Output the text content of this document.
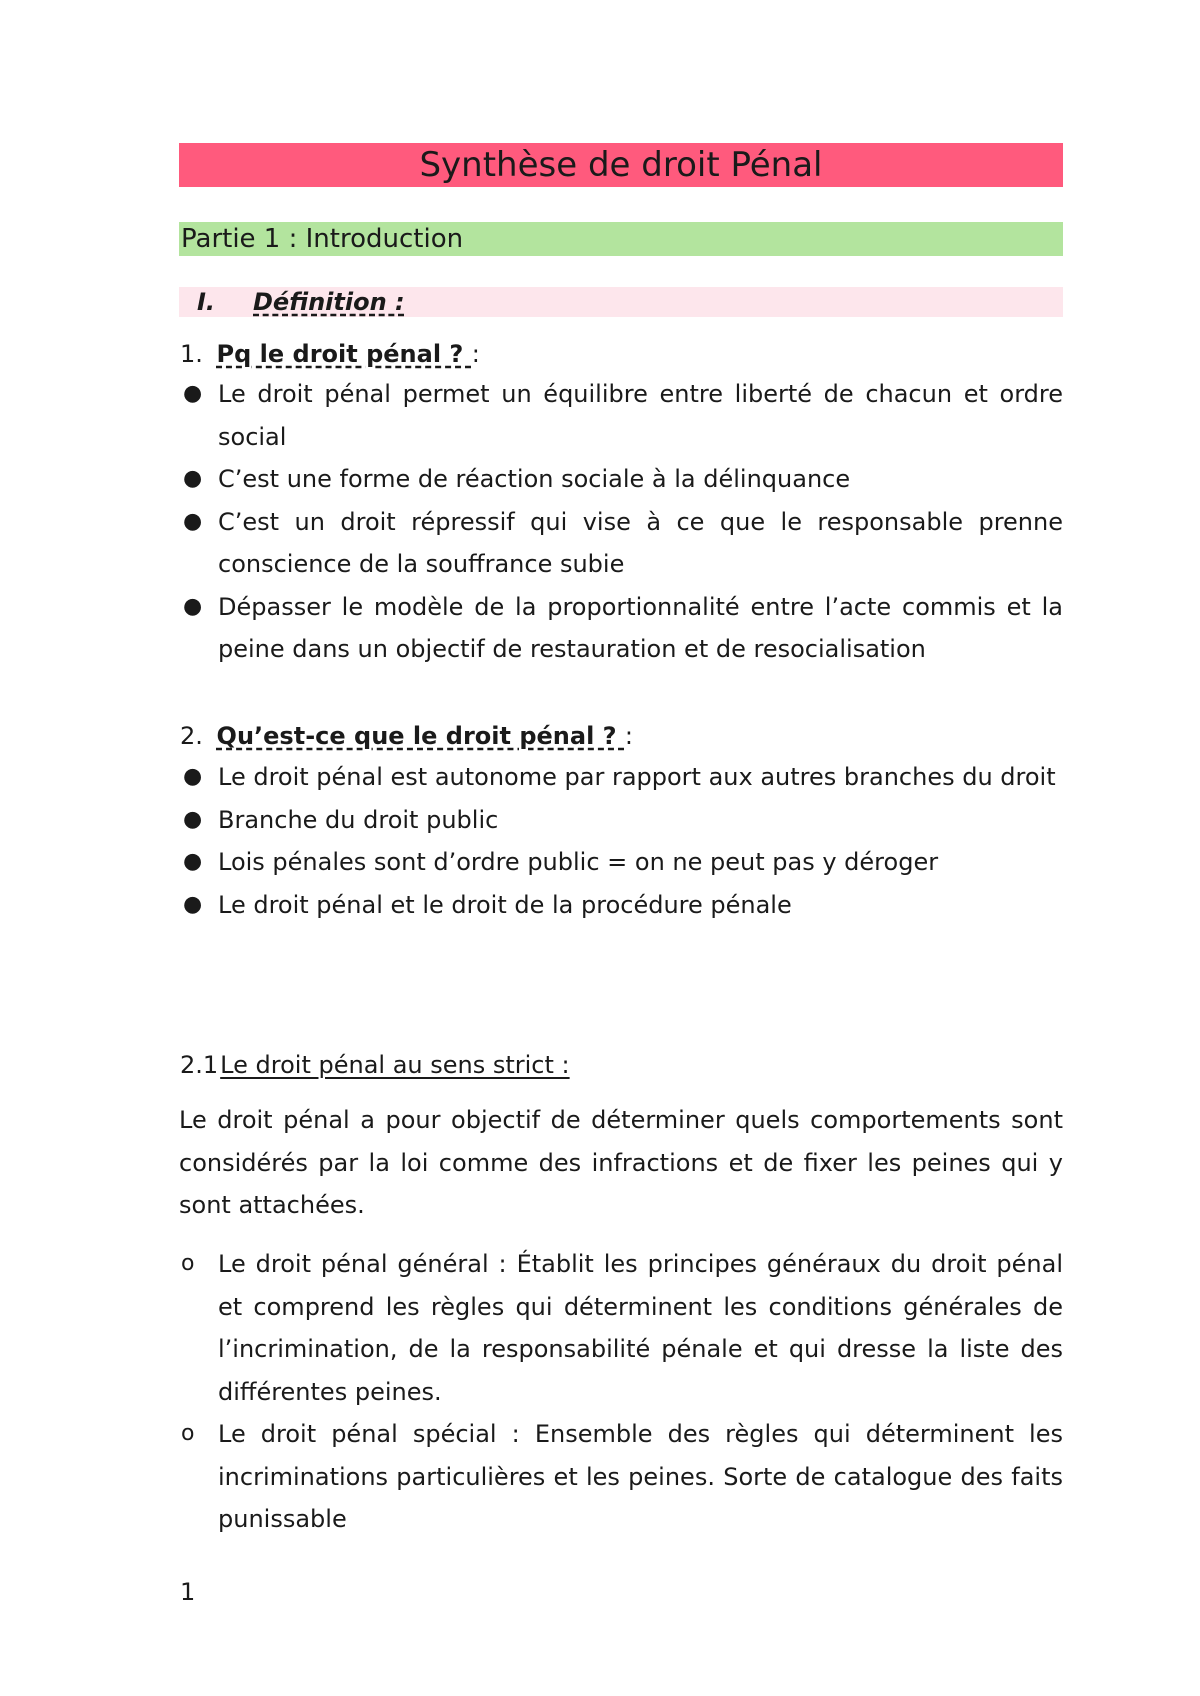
Synthèse de droit Pénal
Partie 1 : Introduction
I. Définition :
1. Pq le droit pénal ? :
● Le droit pénal permet un équilibre entre liberté de chacun et ordre social
● C’est une forme de réaction sociale à la délinquance
● C’est un droit répressif qui vise à ce que le responsable prenne conscience de la souffrance subie
● Dépasser le modèle de la proportionnalité entre l’acte commis et la peine dans un objectif de restauration et de resocialisation
2. Qu’est-ce que le droit pénal ? :
● Le droit pénal est autonome par rapport aux autres branches du droit
● Branche du droit public
● Lois pénales sont d’ordre public = on ne peut pas y déroger
● Le droit pénal et le droit de la procédure pénale
2.1Le droit pénal au sens strict :
Le droit pénal a pour objectif de déterminer quels comportements sont considérés par la loi comme des infractions et de fixer les peines qui y sont attachées.
o Le droit pénal général : Établit les principes généraux du droit pénal et comprend les règles qui déterminent les conditions générales de l’incrimination, de la responsabilité pénale et qui dresse la liste des différentes peines.
o Le droit pénal spécial : Ensemble des règles qui déterminent les incriminations particulières et les peines. Sorte de catalogue des faits punissable
1
